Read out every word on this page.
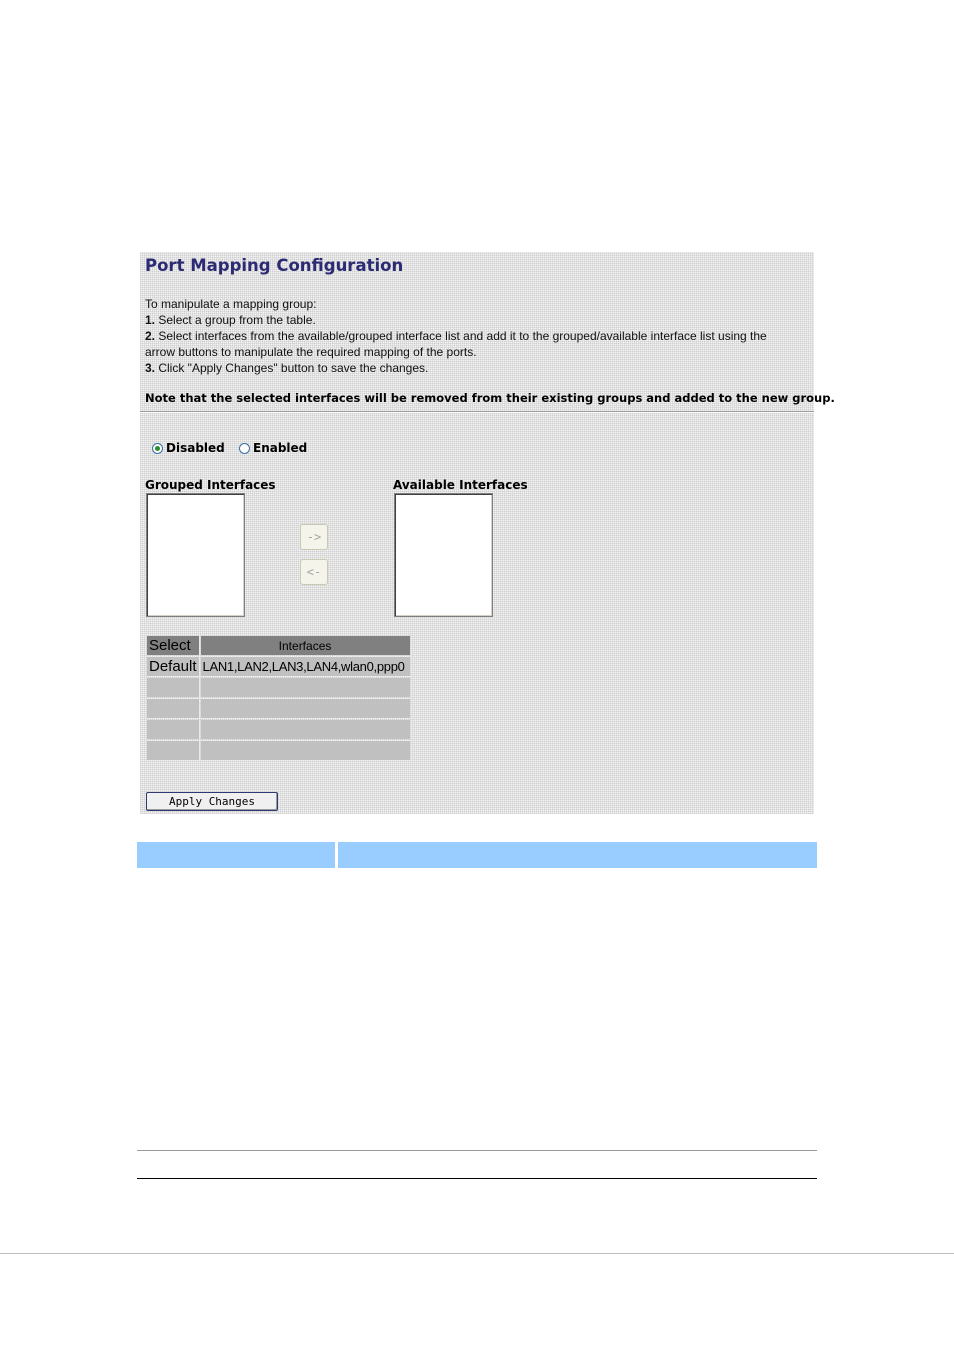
Port Mapping Configuration
To manipulate a mapping group:
1. Select a group from the table.
2. Select interfaces from the available/grouped interface list and add it to the grouped/available interface list using the
arrow buttons to manipulate the required mapping of the ports.
3. Click "Apply Changes" button to save the changes.
Note that the selected interfaces will be removed from their existing groups and added to the new group.
Disabled Enabled
Grouped Interfaces
->
<-
Available Interfaces
Select	Interfaces
Default	LAN1,LAN2,LAN3,LAN4,wlan0,ppp0

Apply Changes
